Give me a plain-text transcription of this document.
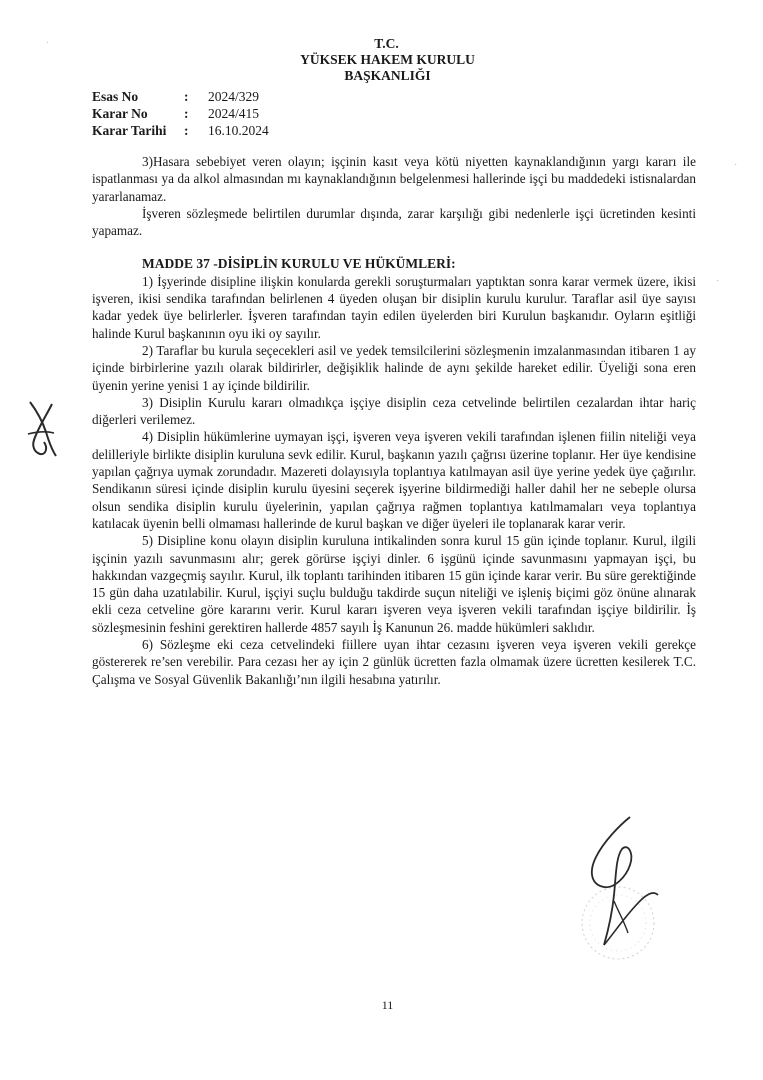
T.C.
YÜKSEK HAKEM KURULU
BAŞKANLIĞI
Esas No	: 2024/329
Karar No	: 2024/415
Karar Tarihi : 16.10.2024

3)Hasara sebebiyet veren olayın; işçinin kasıt veya kötü niyetten kaynaklandığının yargı kararı ile ispatlanması ya da alkol almasından mı kaynaklandığının belgelenmesi hallerinde işçi bu maddedeki istisnalardan yararlanamaz.

İşveren sözleşmede belirtilen durumlar dışında, zarar karşılığı gibi nedenlerle işçi ücretinden kesinti yapamaz.

MADDE 37 -DİSİPLİN KURULU VE HÜKÜMLERİ:

1) İşyerinde disipline ilişkin konularda gerekli soruşturmaları yaptıktan sonra karar vermek üzere, ikisi işveren, ikisi sendika tarafından belirlenen 4 üyeden oluşan bir disiplin kurulu kurulur. Taraflar asil üye sayısı kadar yedek üye belirlerler. İşveren tarafından tayin edilen üyelerden biri Kurulun başkanıdır. Oyların eşitliği halinde Kurul başkanının oyu iki oy sayılır.

2) Taraflar bu kurula seçecekleri asil ve yedek temsilcilerini sözleşmenin imzalanmasından itibaren 1 ay içinde birbirlerine yazılı olarak bildirirler, değişiklik halinde de aynı şekilde hareket edilir. Üyeliği sona eren üyenin yerine yenisi 1 ay içinde bildirilir.

3) Disiplin Kurulu kararı olmadıkça işçiye disiplin ceza cetvelinde belirtilen cezalardan ihtar hariç diğerleri verilemez.

4) Disiplin hükümlerine uymayan işçi, işveren veya işveren vekili tarafından işlenen fiilin niteliği veya delilleriyle birlikte disiplin kuruluna sevk edilir. Kurul, başkanın yazılı çağrısı üzerine toplanır. Her üye kendisine yapılan çağrıya uymak zorundadır. Mazereti dolayısıyla toplantıya katılmayan asil üye yerine yedek üye çağırılır. Sendikanın süresi içinde disiplin kurulu üyesini seçerek işyerine bildirmediği haller dahil her ne sebeple olursa olsun sendika disiplin kurulu üyelerinin, yapılan çağrıya rağmen toplantıya katılmamaları veya toplantıya katılacak üyenin belli olmaması hallerinde de kurul başkan ve diğer üyeleri ile toplanarak karar verir.

5) Disipline konu olayın disiplin kuruluna intikalinden sonra kurul 15 gün içinde toplanır. Kurul, ilgili işçinin yazılı savunmasını alır; gerek görürse işçiyi dinler. 6 işgünü içinde savunmasını yapmayan işçi, bu hakkından vazgeçmiş sayılır. Kurul, ilk toplantı tarihinden itibaren 15 gün içinde karar verir. Bu süre gerektiğinde 15 gün daha uzatılabilir. Kurul, işçiyi suçlu bulduğu takdirde suçun niteliği ve işleniş biçimi göz önüne alınarak ekli ceza cetveline göre kararını verir. Kurul kararı işveren veya işveren vekili tarafından işçiye bildirilir. İş sözleşmesinin feshini gerektiren hallerde 4857 sayılı İş Kanunun 26. madde hükümleri saklıdır.

6) Sözleşme eki ceza cetvelindeki fiillere uyan ihtar cezasını işveren veya işveren vekili gerekçe göstererek re’sen verebilir. Para cezası her ay için 2 günlük ücretten fazla olmamak üzere ücretten kesilerek T.C. Çalışma ve Sosyal Güvenlik Bakanlığı’nın ilgili hesabına yatırılır.

·
·
·
11
